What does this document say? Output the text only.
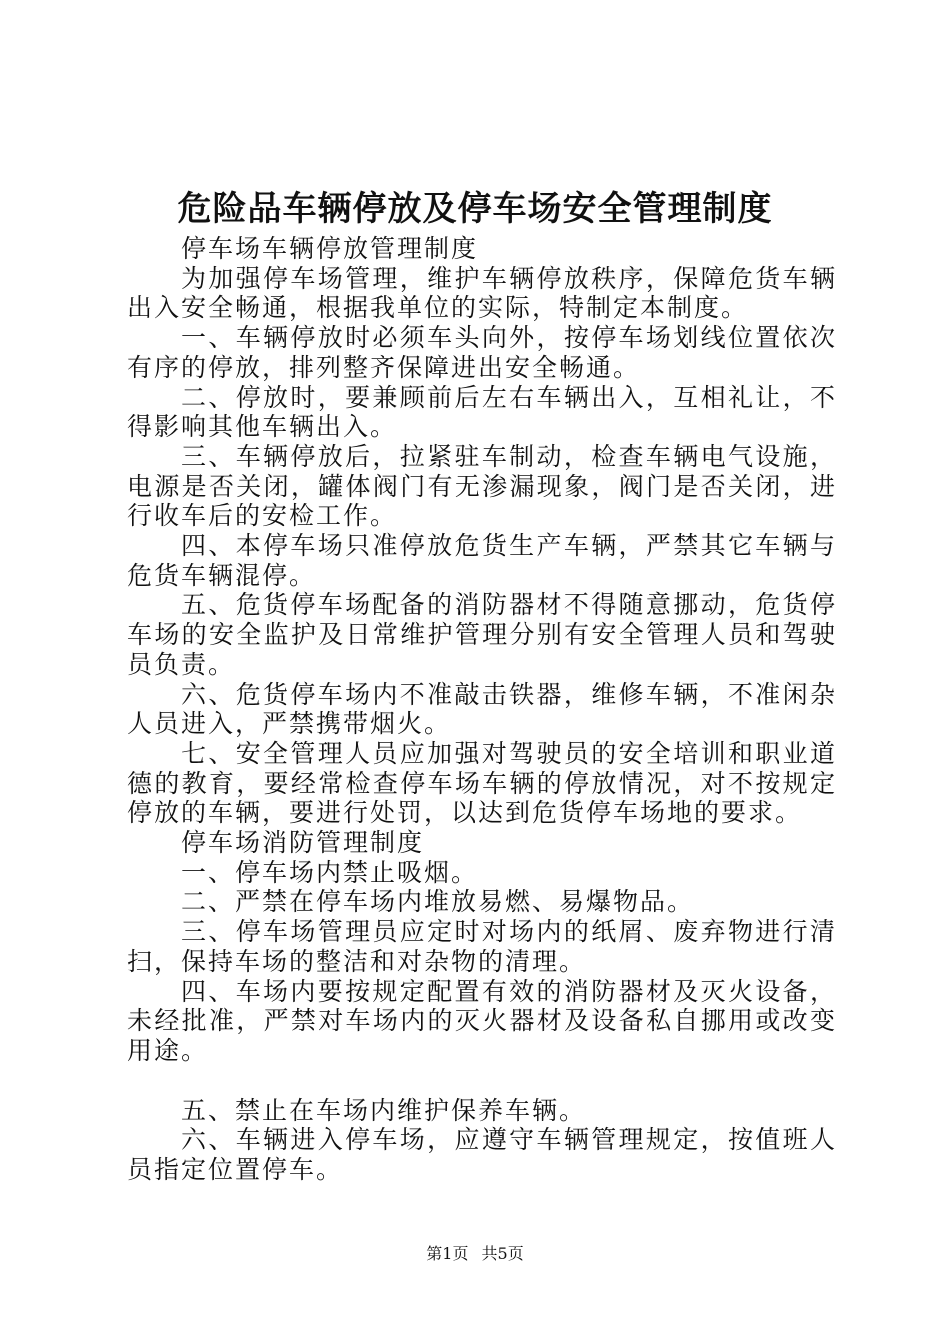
危险品车辆停放及停车场安全管理制度

停车场车辆停放管理制度

为加强停车场管理，维护车辆停放秩序，保障危货车辆出入安全畅通，根据我单位的实际，特制定本制度。

一、车辆停放时必须车头向外，按停车场划线位置依次有序的停放，排列整齐保障进出安全畅通。

二、停放时，要兼顾前后左右车辆出入，互相礼让，不得影响其他车辆出入。

三、车辆停放后，拉紧驻车制动，检查车辆电气设施，电源是否关闭，罐体阀门有无渗漏现象，阀门是否关闭，进行收车后的安检工作。

四、本停车场只准停放危货生产车辆，严禁其它车辆与危货车辆混停。

五、危货停车场配备的消防器材不得随意挪动，危货停车场的安全监护及日常维护管理分别有安全管理人员和驾驶员负责。

六、危货停车场内不准敲击铁器，维修车辆，不准闲杂人员进入，严禁携带烟火。

七、安全管理人员应加强对驾驶员的安全培训和职业道德的教育，要经常检查停车场车辆的停放情况，对不按规定停放的车辆，要进行处罚，以达到危货停车场地的要求。

停车场消防管理制度

一、停车场内禁止吸烟。

二、严禁在停车场内堆放易燃、易爆物品。

三、停车场管理员应定时对场内的纸屑、废弃物进行清扫，保持车场的整洁和对杂物的清理。

四、车场内要按规定配置有效的消防器材及灭火设备，未经批准，严禁对车场内的灭火器材及设备私自挪用或改变用途。

五、禁止在车场内维护保养车辆。

六、车辆进入停车场，应遵守车辆管理规定，按值班人员指定位置停车。

第1页 共5页
